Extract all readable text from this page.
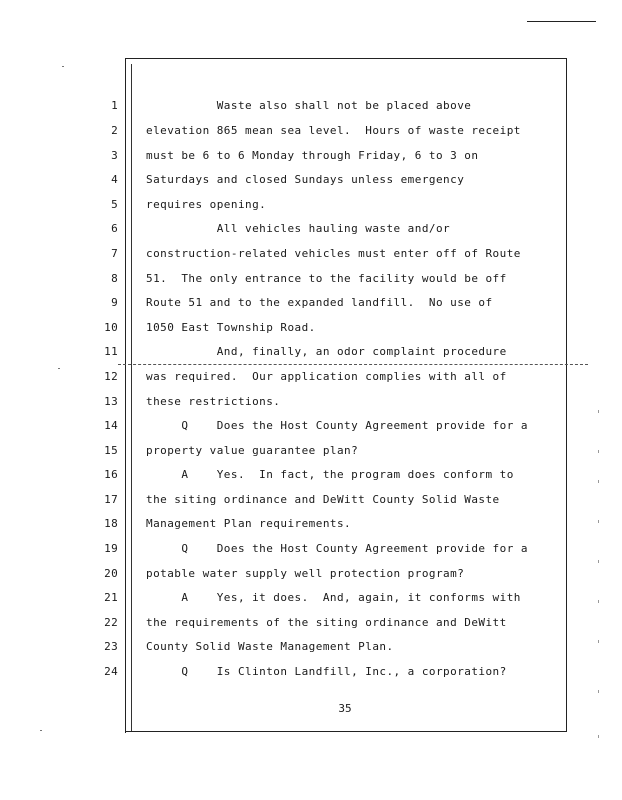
1	Waste also shall not be placed above
2	elevation 865 mean sea level.  Hours of waste receipt
3	must be 6 to 6 Monday through Friday, 6 to 3 on
4	Saturdays and closed Sundays unless emergency
5	requires opening.
6	All vehicles hauling waste and/or
7	construction-related vehicles must enter off of Route
8	51.  The only entrance to the facility would be off
9	Route 51 and to the expanded landfill.  No use of
10	1050 East Township Road.
11	And, finally, an odor complaint procedure
12	was required.  Our application complies with all of
13	these restrictions.
14	Q    Does the Host County Agreement provide for a
15	property value guarantee plan?
16	A    Yes.  In fact, the program does conform to
17	the siting ordinance and DeWitt County Solid Waste
18	Management Plan requirements.
19	Q    Does the Host County Agreement provide for a
20	potable water supply well protection program?
21	A    Yes, it does.  And, again, it conforms with
22	the requirements of the siting ordinance and DeWitt
23	County Solid Waste Management Plan.
24	Q    Is Clinton Landfill, Inc., a corporation?
35
